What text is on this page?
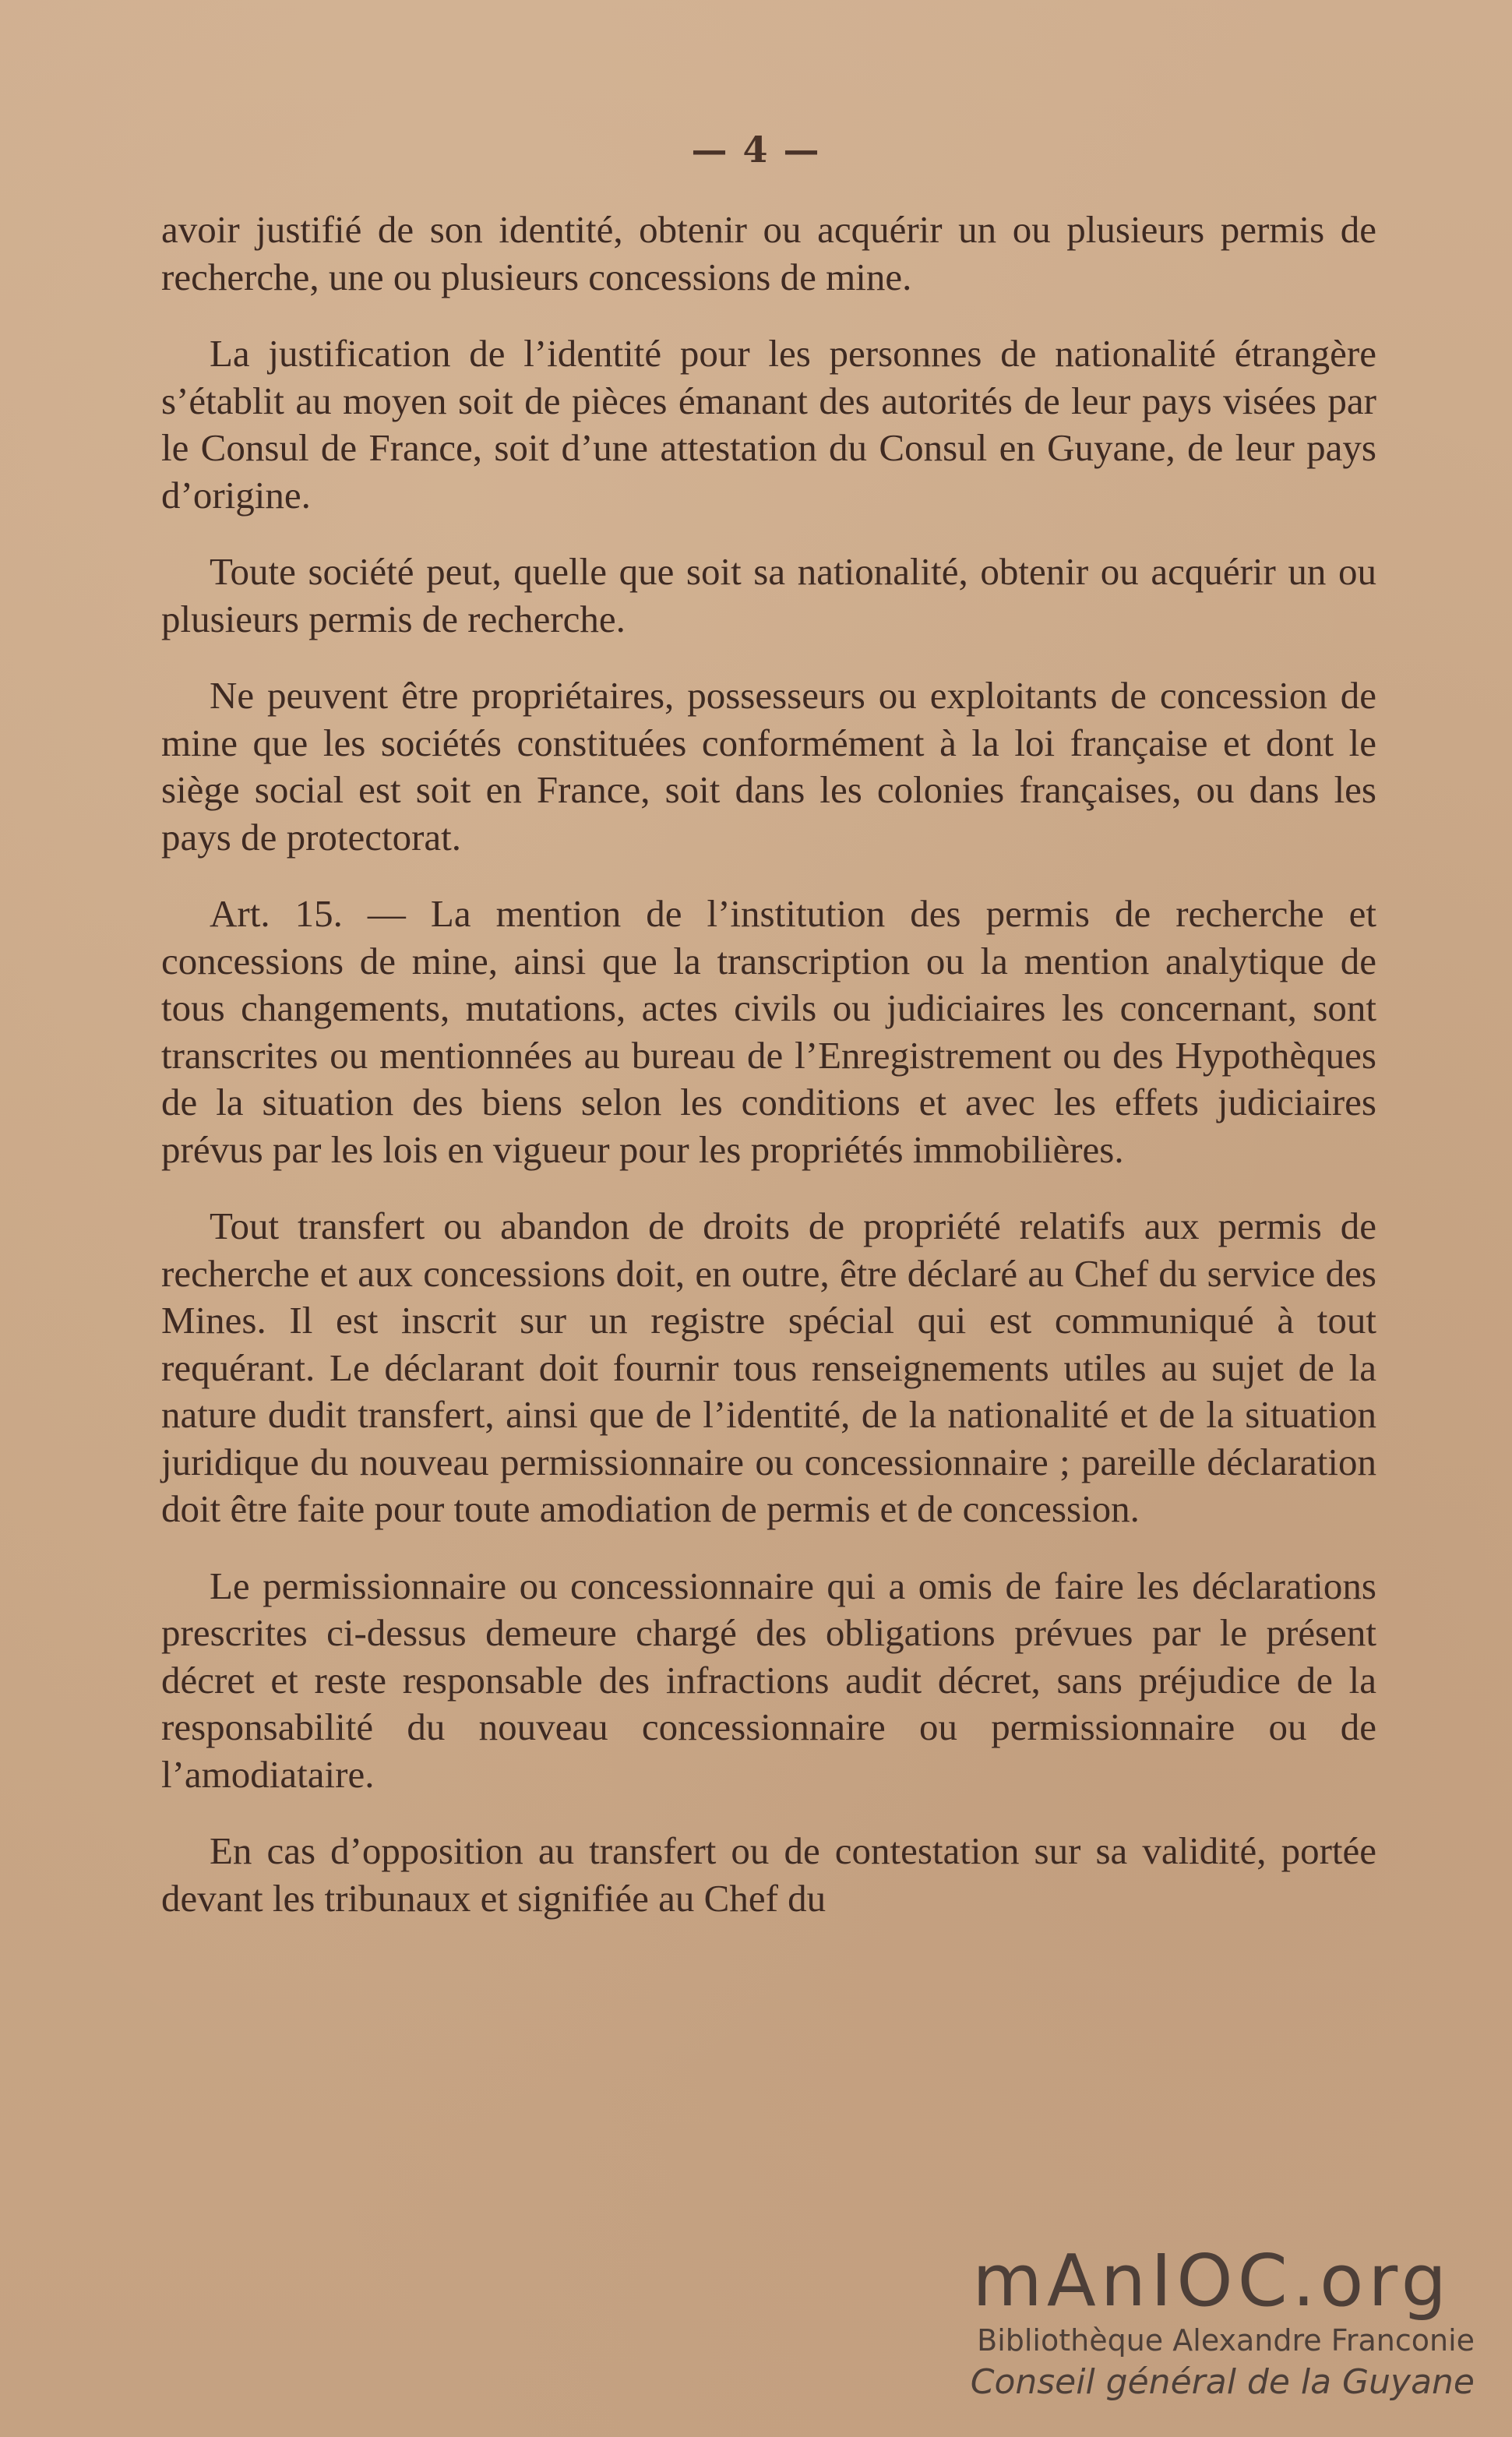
— 4 —

avoir justifié de son identité, obtenir ou acquérir un ou plusieurs permis de recherche, une ou plusieurs concessions de mine.

La justification de l’identité pour les personnes de nationalité étrangère s’établit au moyen soit de pièces émanant des autorités de leur pays visées par le Consul de France, soit d’une attestation du Consul en Guyane, de leur pays d’origine.

Toute société peut, quelle que soit sa nationalité, obtenir ou acquérir un ou plusieurs permis de recherche.

Ne peuvent être propriétaires, possesseurs ou exploitants de concession de mine que les sociétés constituées conformément à la loi française et dont le siège social est soit en France, soit dans les colonies françaises, ou dans les pays de protectorat.

Art. 15. — La mention de l’institution des permis de recherche et concessions de mine, ainsi que la transcription ou la mention analytique de tous changements, mutations, actes civils ou judiciaires les concernant, sont transcrites ou mentionnées au bureau de l’Enregistrement ou des Hypothèques de la situation des biens selon les conditions et avec les effets judiciaires prévus par les lois en vigueur pour les propriétés immobilières.

Tout transfert ou abandon de droits de propriété relatifs aux permis de recherche et aux concessions doit, en outre, être déclaré au Chef du service des Mines. Il est inscrit sur un registre spécial qui est communiqué à tout requérant. Le déclarant doit fournir tous renseignements utiles au sujet de la nature dudit transfert, ainsi que de l’identité, de la nationalité et de la situation juridique du nouveau permissionnaire ou concessionnaire ; pareille déclaration doit être faite pour toute amodiation de permis et de concession.

Le permissionnaire ou concessionnaire qui a omis de faire les déclarations prescrites ci-dessus demeure chargé des obligations prévues par le présent décret et reste responsable des infractions audit décret, sans préjudice de la responsabilité du nouveau concessionnaire ou permissionnaire ou de l’amodiataire.

En cas d’opposition au transfert ou de contestation sur sa validité, portée devant les tribunaux et signifiée au Chef du

mAnIOC.org
Bibliothèque Alexandre Franconie
Conseil général de la Guyane
